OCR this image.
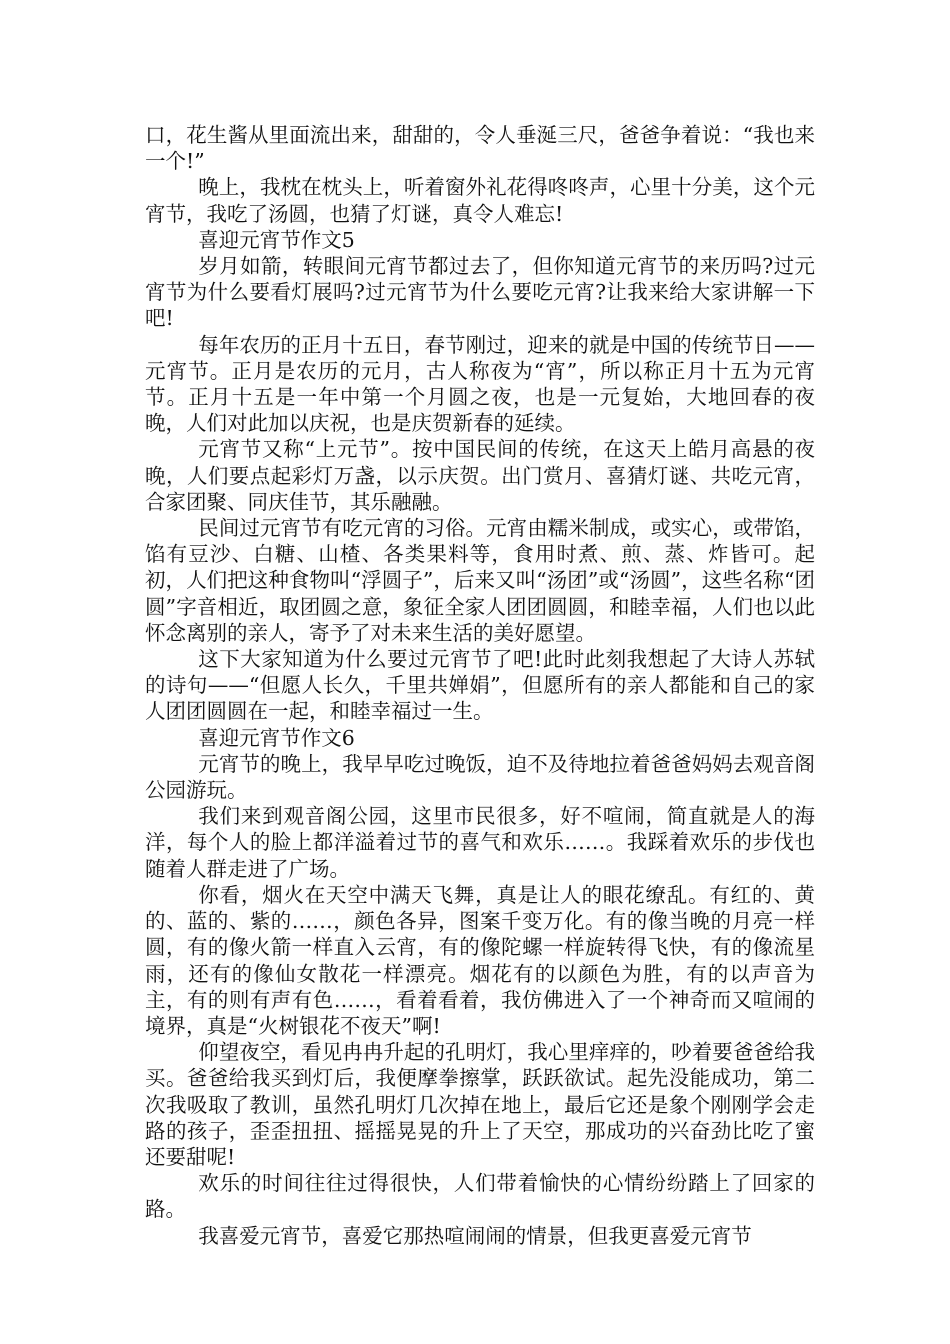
口，花生酱从里面流出来，甜甜的，令人垂涎三尺，爸爸争着说：“我也来一个!”

晚上，我枕在枕头上，听着窗外礼花得咚咚声，心里十分美，这个元宵节，我吃了汤圆，也猜了灯谜，真令人难忘!

喜迎元宵节作文5

岁月如箭，转眼间元宵节都过去了，但你知道元宵节的来历吗?过元宵节为什么要看灯展吗?过元宵节为什么要吃元宵?让我来给大家讲解一下吧!

每年农历的正月十五日，春节刚过，迎来的就是中国的传统节日——元宵节。正月是农历的元月，古人称夜为“宵”，所以称正月十五为元宵节。正月十五是一年中第一个月圆之夜，也是一元复始，大地回春的夜晚，人们对此加以庆祝，也是庆贺新春的延续。

元宵节又称“上元节”。按中国民间的传统，在这天上皓月高悬的夜晚，人们要点起彩灯万盏，以示庆贺。出门赏月、喜猜灯谜、共吃元宵，合家团聚、同庆佳节，其乐融融。

民间过元宵节有吃元宵的习俗。元宵由糯米制成，或实心，或带馅，馅有豆沙、白糖、山楂、各类果料等，食用时煮、煎、蒸、炸皆可。起初，人们把这种食物叫“浮圆子”，后来又叫“汤团”或“汤圆”，这些名称“团圆”字音相近，取团圆之意，象征全家人团团圆圆，和睦幸福，人们也以此怀念离别的亲人，寄予了对未来生活的美好愿望。

这下大家知道为什么要过元宵节了吧!此时此刻我想起了大诗人苏轼的诗句——“但愿人长久，千里共婵娟”，但愿所有的亲人都能和自己的家人团团圆圆在一起，和睦幸福过一生。

喜迎元宵节作文6

元宵节的晚上，我早早吃过晚饭，迫不及待地拉着爸爸妈妈去观音阁公园游玩。

我们来到观音阁公园，这里市民很多，好不喧闹，简直就是人的海洋，每个人的脸上都洋溢着过节的喜气和欢乐……。我踩着欢乐的步伐也随着人群走进了广场。

你看，烟火在天空中满天飞舞，真是让人的眼花缭乱。有红的、黄的、蓝的、紫的……，颜色各异，图案千变万化。有的像当晚的月亮一样圆，有的像火箭一样直入云宵，有的像陀螺一样旋转得飞快，有的像流星雨，还有的像仙女散花一样漂亮。烟花有的以颜色为胜，有的以声音为主，有的则有声有色……，看着看着，我仿佛进入了一个神奇而又喧闹的境界，真是“火树银花不夜天”啊!

仰望夜空，看见冉冉升起的孔明灯，我心里痒痒的，吵着要爸爸给我买。爸爸给我买到灯后，我便摩拳擦掌，跃跃欲试。起先没能成功，第二次我吸取了教训，虽然孔明灯几次掉在地上，最后它还是象个刚刚学会走路的孩子，歪歪扭扭、摇摇晃晃的升上了天空，那成功的兴奋劲比吃了蜜还要甜呢!

欢乐的时间往往过得很快，人们带着愉快的心情纷纷踏上了回家的路。

我喜爱元宵节，喜爱它那热喧闹闹的情景，但我更喜爱元宵节
